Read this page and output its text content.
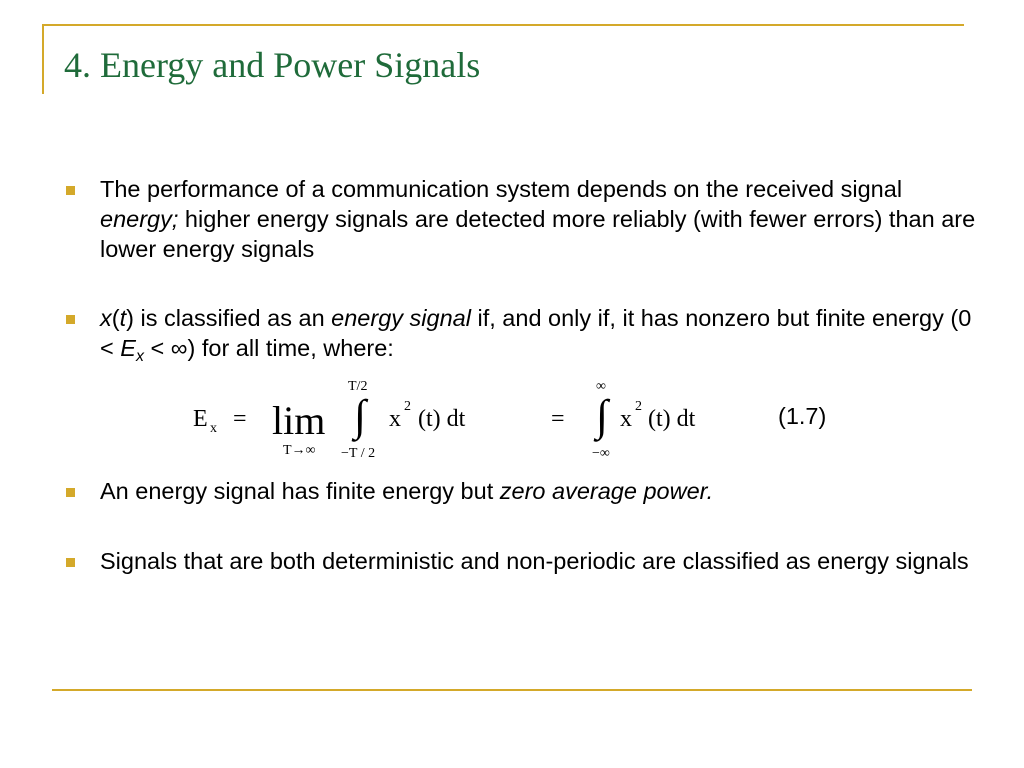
4. Energy and Power Signals
The performance of a communication system depends on the received signal energy; higher energy signals are detected more reliably (with fewer errors) than are lower energy signals
x(t) is classified as an energy signal if, and only if, it has nonzero but finite energy ($0 < E_x$ < ∞) for all time, where:
E x = lim
T→∞
T/2
∫
−T / 2
x 2 (t) dt	=
∞
∫
−∞
x 2 (t) dt	(1.7)
An energy signal has finite energy but zero average power.
Signals that are both deterministic and non-periodic are classified as energy signals
